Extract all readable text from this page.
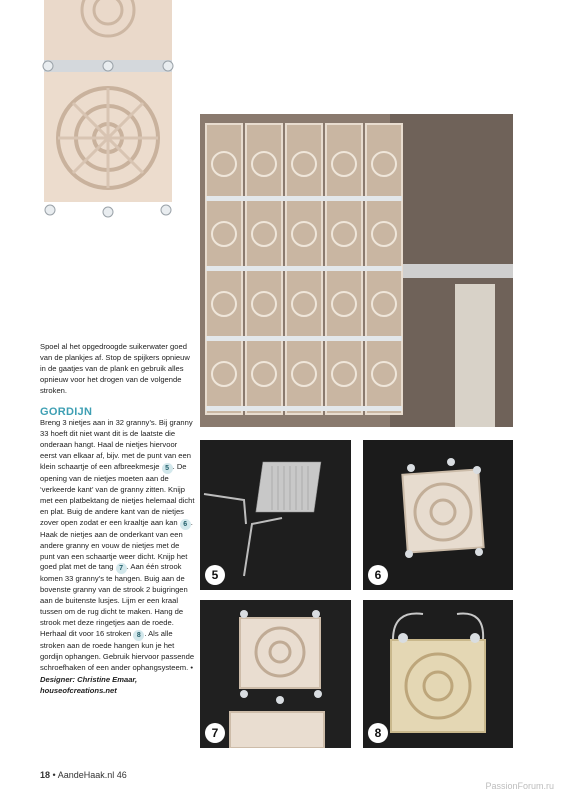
5	6
7	8

Spoel al het opgedroogde suikerwater goed van de plankjes af. Stop de spijkers opnieuw in de gaatjes van de plank en gebruik alles opnieuw voor het drogen van de volgende stroken.

GORDIJN

Breng 3 nietjes aan in 32 granny’s. Bij granny 33 hoeft dit niet want dit is de laatste die onderaan hangt. Haal de nietjes hiervoor eerst van elkaar af, bijv. met de punt van een klein schaartje of een afbreekmesje 5 . De opening van de nietjes moeten aan de ‘verkeerde kant’ van de granny zitten. Knijp met een platbektang de nietjes helemaal dicht en plat. Buig de andere kant van de nietjes zover open zodat er een kraaltje aan kan 6 . Haak de nietjes aan de onderkant van een andere granny en vouw de nietjes met de punt van een schaartje weer dicht. Knijp het goed plat met de tang 7 . Aan één strook komen 33 granny’s te hangen. Buig aan de bovenste granny van de strook 2 buigringen aan de buitenste lusjes. Lijm er een kraal tussen om de rug dicht te maken. Hang de strook met deze ringetjes aan de roede. Herhaal dit voor 16 stroken 8 . Als alle stroken aan de roede hangen kun je het gordijn ophangen. Gebruik hiervoor passende schroefhaken of een ander ophangsysteem. •

Designer: Christine Emaar,
houseofcreations.net
18 • AandeHaak.nl 46
PassionForum.ru
